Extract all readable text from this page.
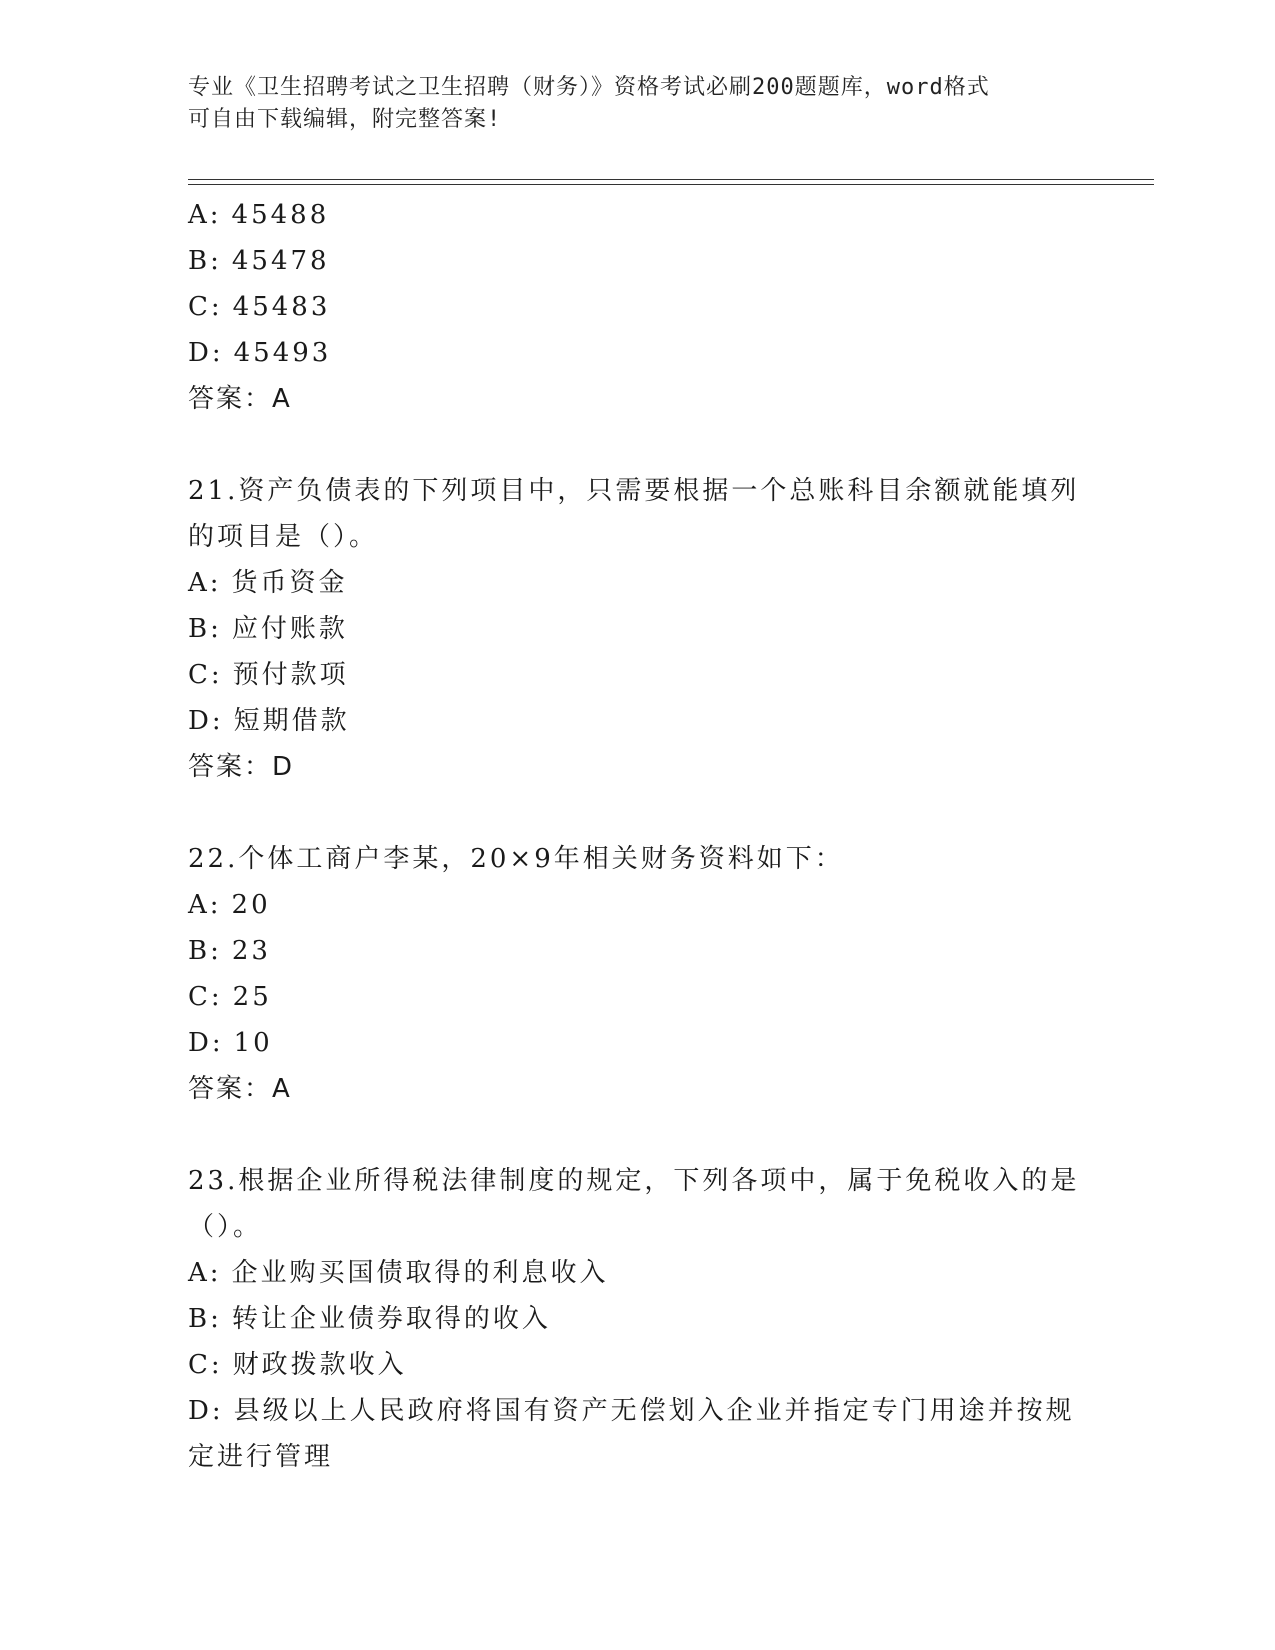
专业《卫生招聘考试之卫生招聘（财务）》资格考试必刷200题题库，word格式
可自由下载编辑，附完整答案!
A: 45488
B: 45478
C: 45483
D: 45493
答案：A
21.资产负债表的下列项目中，只需要根据一个总账科目余额就能填列的项目是（）。
A: 货币资金
B: 应付账款
C: 预付款项
D: 短期借款
答案：D
22.个体工商户李某，20×9年相关财务资料如下：
A: 20
B: 23
C: 25
D: 10
答案：A
23.根据企业所得税法律制度的规定，下列各项中，属于免税收入的是（）。
A: 企业购买国债取得的利息收入
B: 转让企业债券取得的收入
C: 财政拨款收入
D: 县级以上人民政府将国有资产无偿划入企业并指定专门用途并按规定进行管理
